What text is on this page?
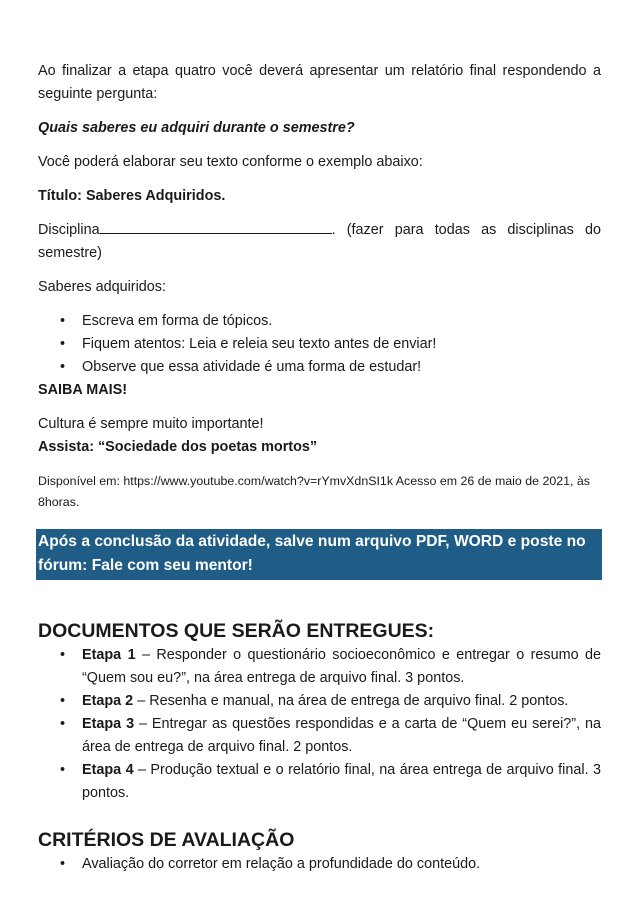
Ao finalizar a etapa quatro você deverá apresentar um relatório final respondendo a seguinte pergunta:

Quais saberes eu adquiri durante o semestre?

Você poderá elaborar seu texto conforme o exemplo abaixo:

Título: Saberes Adquiridos.

Disciplina	. (fazer para todas as disciplinas do semestre)

Saberes adquiridos:

• Escreva em forma de tópicos.
• Fiquem atentos: Leia e releia seu texto antes de enviar!
• Observe que essa atividade é uma forma de estudar!

SAIBA MAIS!

Cultura é sempre muito importante!

Assista: “Sociedade dos poetas mortos”

Disponível em: https://www.youtube.com/watch?v=rYmvXdnSI1k Acesso em 26 de maio de 2021, às 8horas.

Após a conclusão da atividade, salve num arquivo PDF, WORD e poste no fórum: Fale com seu mentor!
DOCUMENTOS QUE SERÃO ENTREGUES:
• Etapa 1 – Responder o questionário socioeconômico e entregar o resumo de “Quem sou eu?”, na área entrega de arquivo final. 3 pontos.
• Etapa 2 – Resenha e manual, na área de entrega de arquivo final. 2 pontos.
• Etapa 3 – Entregar as questões respondidas e a carta de “Quem eu serei?”, na área de entrega de arquivo final. 2 pontos.
• Etapa 4 – Produção textual e o relatório final, na área entrega de arquivo final. 3 pontos.
CRITÉRIOS DE AVALIAÇÃO
• Avaliação do corretor em relação a profundidade do conteúdo.
